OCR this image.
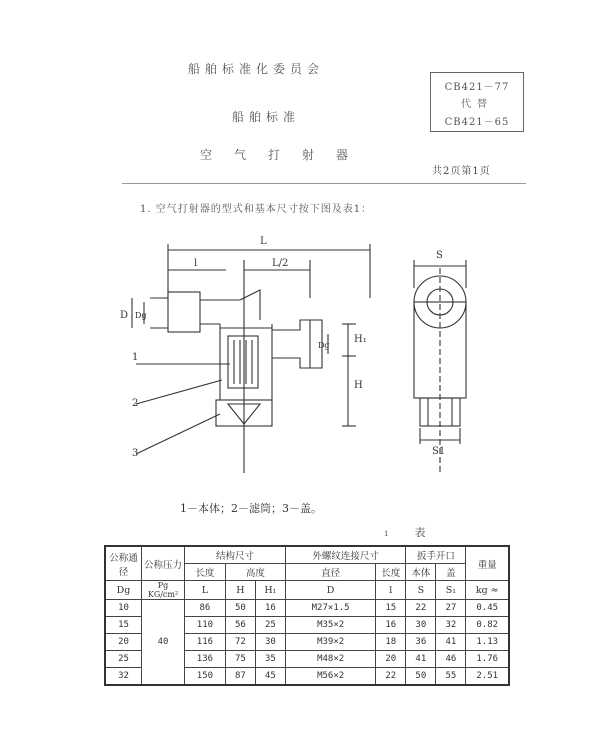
船舶标准化委员会
船舶标准
空气打射器
CB421－77
代替
CB421－65
共2页第1页
1. 空气打射器的型式和基本尺寸按下图及表1：
L
l	L/2
D Dg
Dg
H₁
H
S
S1
1
2
3
1－本体；2－滤筒；3－盖。
1 表
公称通径	公称压力	结构尺寸			外螺纹连接尺寸		扳手开口		重量
		长度	高度		直径	长度	本体	盖	
Dg	Pg KG/cm²	L	H	H₁	D	l	S	S₁	kg ≈
10	40	86	50	16	M27×1.5	15	22	27	0.45
15		110	56	25	M35×2	16	30	32	0.82
20		116	72	30	M39×2	18	36	41	1.13
25		136	75	35	M48×2	20	41	46	1.76
32		150	87	45	M56×2	22	50	55	2.51
